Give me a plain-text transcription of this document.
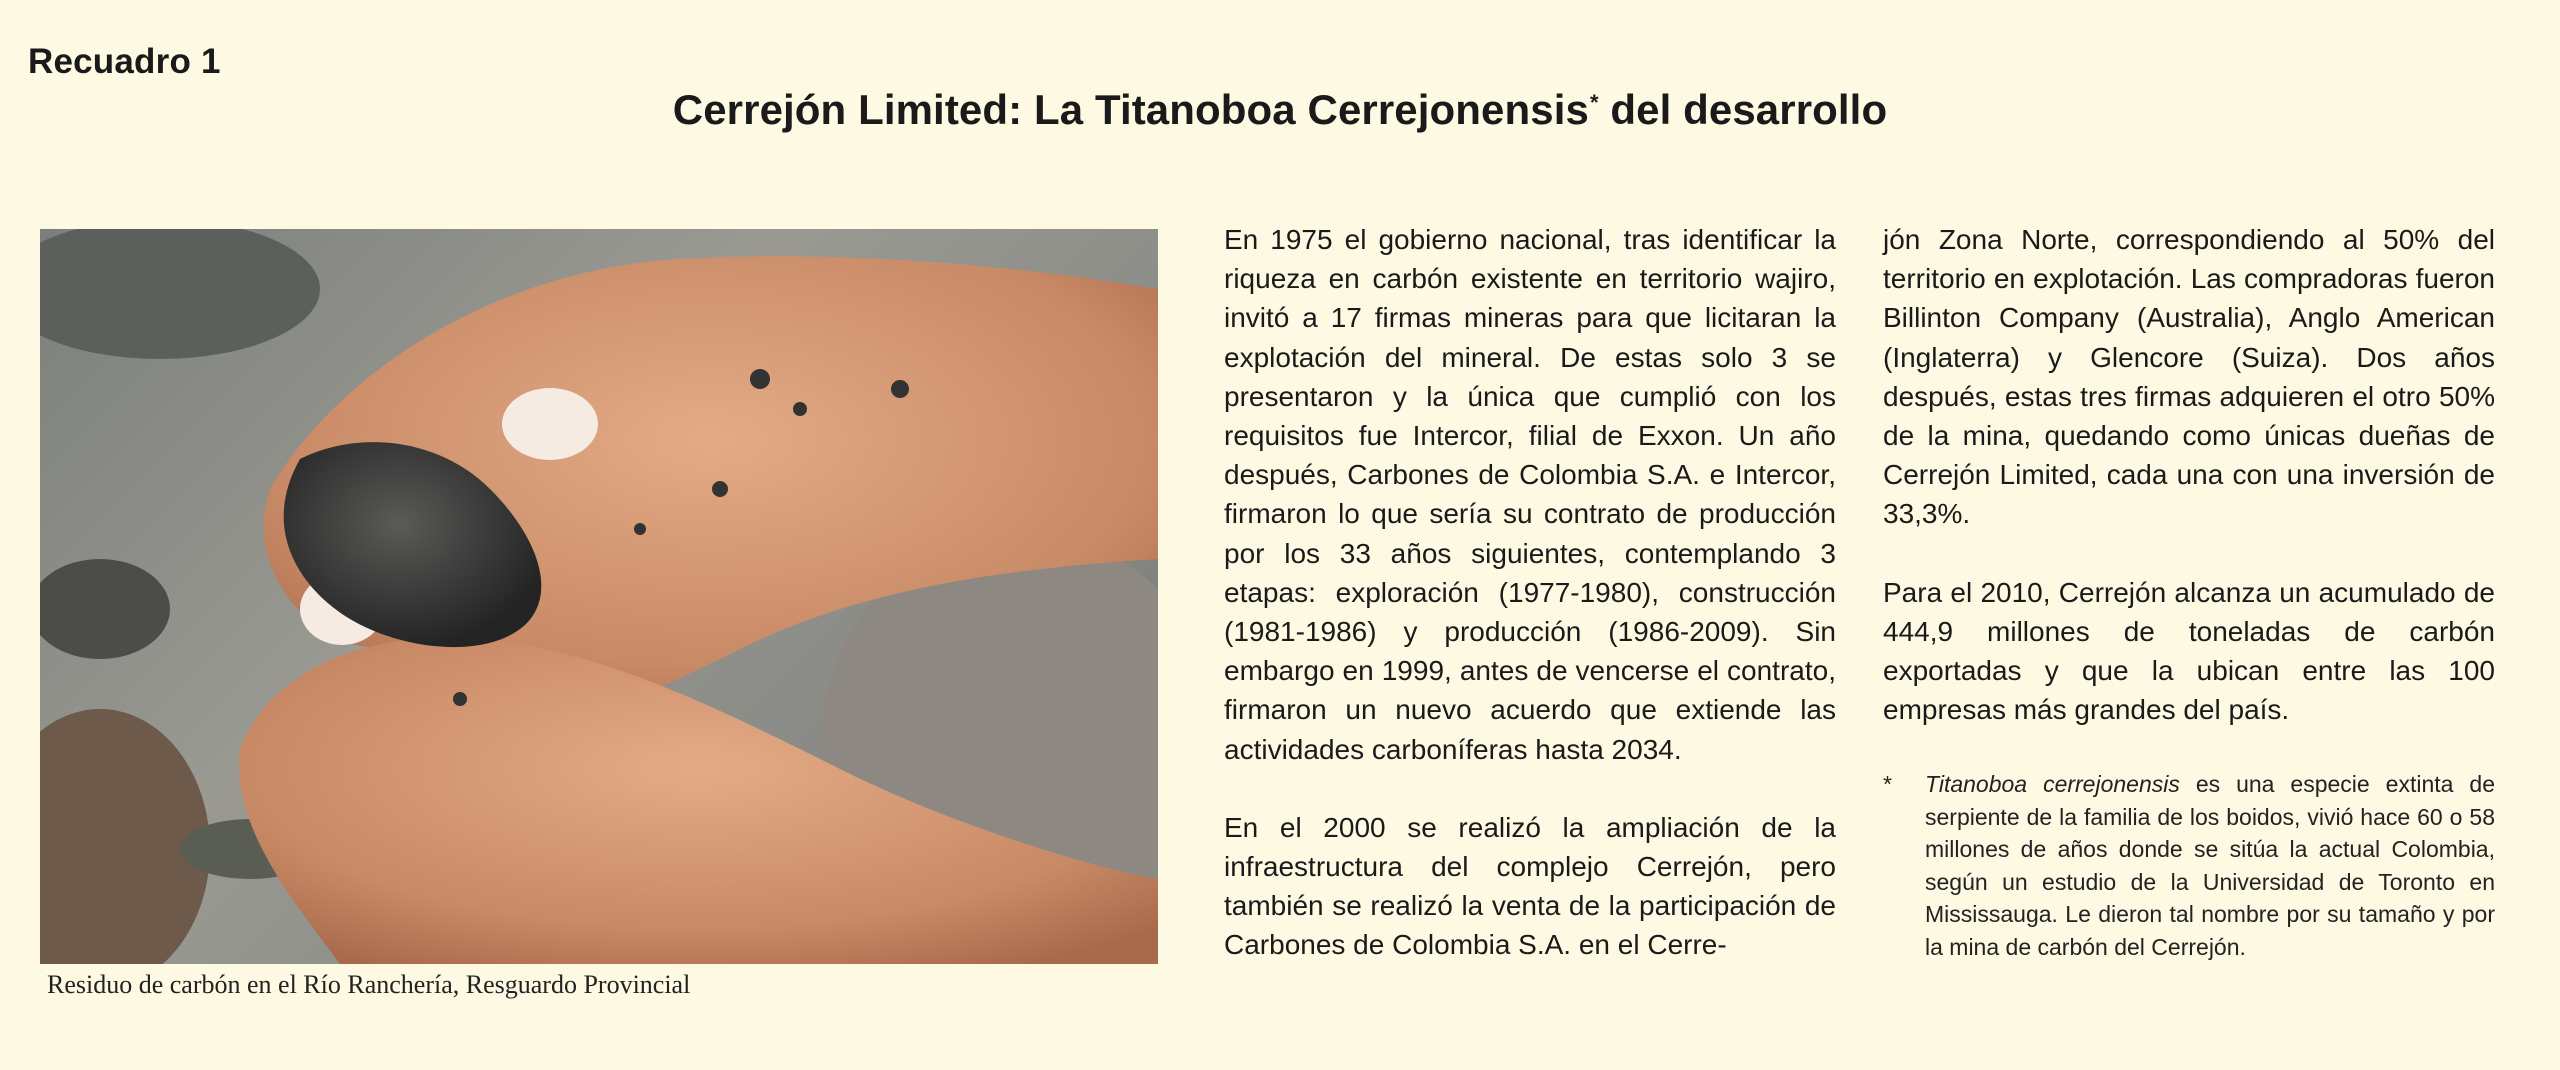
Recuadro 1
Cerrejón Limited: La Titanoboa Cerrejonensis* del desarrollo
Residuo de carbón en el Río Ranchería, Resguardo Provincial

En 1975 el gobierno nacional, tras identificar la riqueza en carbón existente en territorio wajiro, invitó a 17 firmas mineras para que licitaran la explotación del mineral. De estas solo 3 se presentaron y la única que cumplió con los requisitos fue Intercor, filial de Exxon. Un año después, Carbones de Colombia S.A. e Intercor, firmaron lo que sería su contrato de producción por los 33 años siguientes, contemplando 3 etapas: exploración (1977-1980), construcción (1981-1986) y producción (1986-2009). Sin embargo en 1999, antes de vencerse el contrato, firmaron un nuevo acuerdo que extiende las actividades carboníferas hasta 2034.

En el 2000 se realizó la ampliación de la infraestructura del complejo Cerrejón, pero también se realizó la venta de la participación de Carbones de Colombia S.A. en el Cerre-

jón Zona Norte, correspondiendo al 50% del territorio en explotación. Las compradoras fueron Billinton Company (Australia), Anglo American (Inglaterra) y Glencore (Suiza). Dos años después, estas tres firmas adquieren el otro 50% de la mina, quedando como únicas dueñas de Cerrejón Limited, cada una con una inversión de 33,3%.

Para el 2010, Cerrejón alcanza un acumulado de 444,9 millones de toneladas de carbón exportadas y que la ubican entre las 100 empresas más grandes del país.

* Titanoboa cerrejonensis es una especie extinta de serpiente de la familia de los boidos, vivió hace 60 o 58 millones de años donde se sitúa la actual Colombia, según un estudio de la Universidad de Toronto en Mississauga. Le dieron tal nombre por su tamaño y por la mina de carbón del Cerrejón.
